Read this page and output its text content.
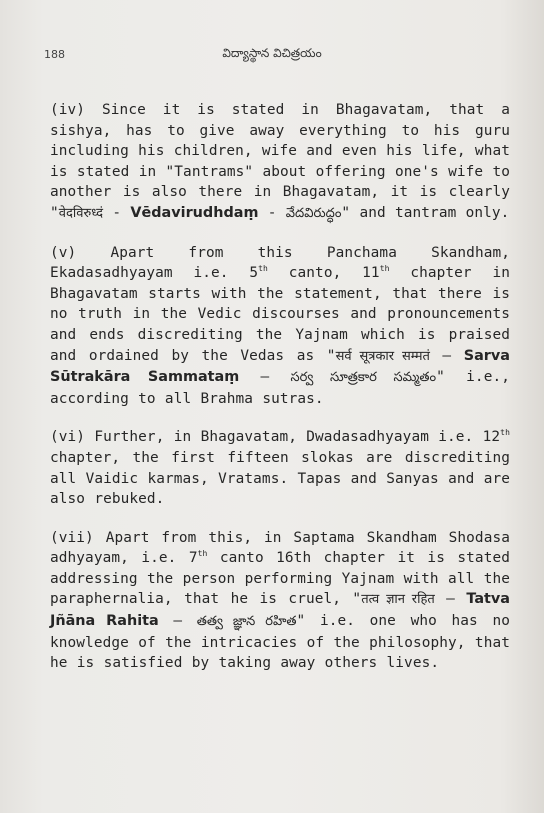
188	విద్యాస్థాన విచిత్రయం

(iv) Since it is stated in Bhagavatam, that a sishya, has to give away everything to his guru including his children, wife and even his life, what is stated in "Tantrams" about offering one's wife to another is also there in Bhagavatam, it is clearly "वेदविरुध्दं - Vēdavirudhdaṃ - వేదవిరుద్ధం" and tantram only.

(v) Apart from this Panchama Skandham, Ekadasadhyayam i.e. 5th canto, 11th chapter in Bhagavatam starts with the statement, that there is no truth in the Vedic discourses and pronouncements and ends discrediting the Yajnam which is praised and ordained by the Vedas as "सर्व सूत्रकार सम्मतं – Sarva Sūtrakāra Sammataṃ – సర్వ సూత్రకార సమ్మతం" i.e., according to all Brahma sutras.

(vi) Further, in Bhagavatam, Dwadasadhyayam i.e. 12th chapter, the first fifteen slokas are discrediting all Vaidic karmas, Vratams. Tapas and Sanyas and are also rebuked.

(vii) Apart from this, in Saptama Skandham Shodasa adhyayam, i.e. 7th canto 16th chapter it is stated addressing the person performing Yajnam with all the paraphernalia, that he is cruel, "तत्व ज्ञान रहित – Tatva Jñāna Rahita – తత్వ జ్ఞాన రహిత" i.e. one who has no knowledge of the intricacies of the philosophy, that he is satisfied by taking away others lives.
